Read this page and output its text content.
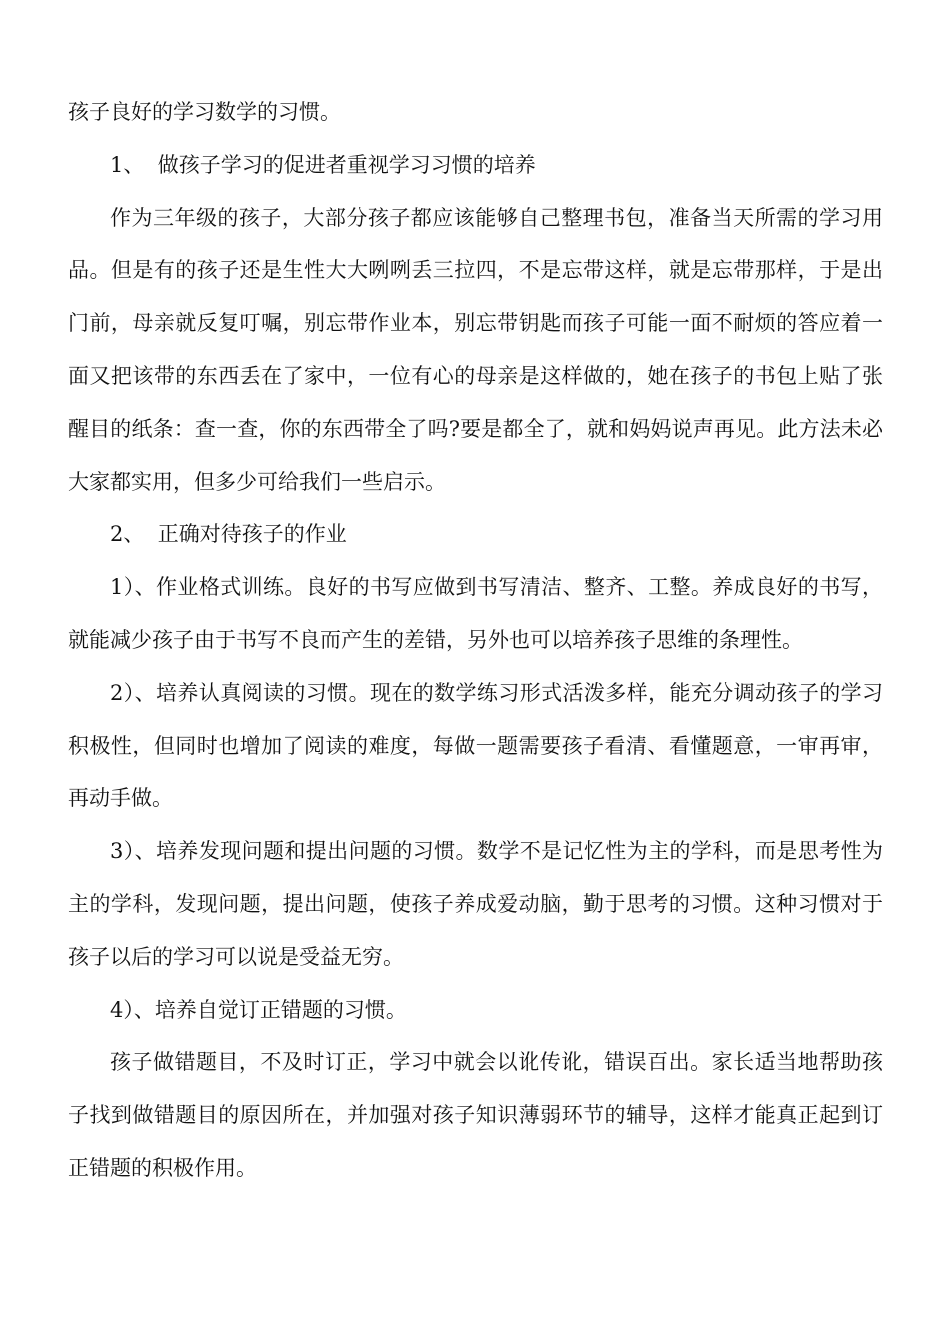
孩子良好的学习数学的习惯。

1、  做孩子学习的促进者重视学习习惯的培养

作为三年级的孩子，大部分孩子都应该能够自己整理书包，准备当天所需的学习用品。但是有的孩子还是生性大大咧咧丢三拉四，不是忘带这样，就是忘带那样，于是出门前，母亲就反复叮嘱，别忘带作业本，别忘带钥匙而孩子可能一面不耐烦的答应着一面又把该带的东西丢在了家中，一位有心的母亲是这样做的，她在孩子的书包上贴了张醒目的纸条：查一查，你的东西带全了吗?要是都全了，就和妈妈说声再见。此方法未必大家都实用，但多少可给我们一些启示。

2、  正确对待孩子的作业

1）、作业格式训练。良好的书写应做到书写清洁、整齐、工整。养成良好的书写，就能减少孩子由于书写不良而产生的差错，另外也可以培养孩子思维的条理性。

2）、培养认真阅读的习惯。现在的数学练习形式活泼多样，能充分调动孩子的学习积极性，但同时也增加了阅读的难度，每做一题需要孩子看清、看懂题意，一审再审，再动手做。

3）、培养发现问题和提出问题的习惯。数学不是记忆性为主的学科，而是思考性为主的学科，发现问题，提出问题，使孩子养成爱动脑，勤于思考的习惯。这种习惯对于孩子以后的学习可以说是受益无穷。

4）、培养自觉订正错题的习惯。

孩子做错题目，不及时订正，学习中就会以讹传讹，错误百出。家长适当地帮助孩子找到做错题目的原因所在，并加强对孩子知识薄弱环节的辅导，这样才能真正起到订正错题的积极作用。
